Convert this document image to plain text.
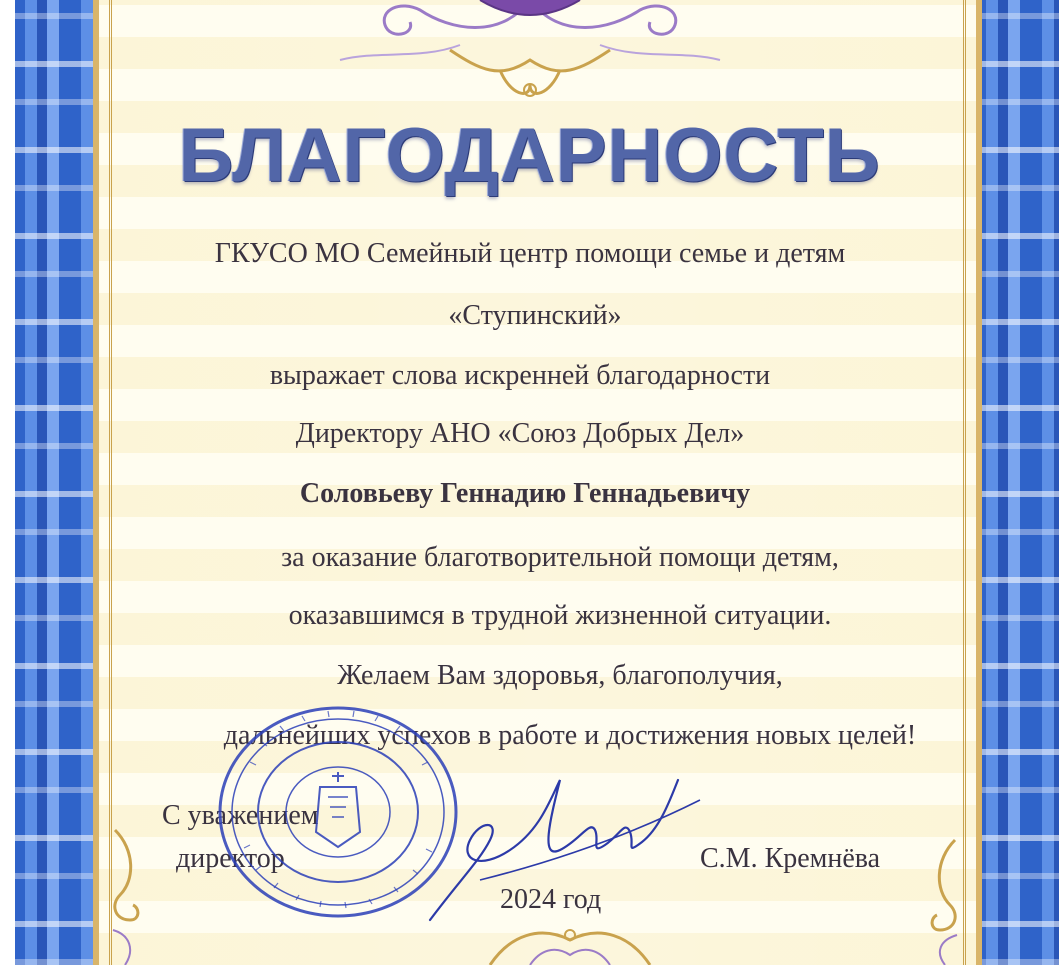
БЛАГОДАРНОСТЬ
ГКУСО МО Семейный центр помощи семье и детям
«Ступинский»
выражает слова искренней благодарности
Директору АНО «Союз Добрых Дел»
Соловьеву Геннадию Геннадьевичу
за оказание благотворительной помощи детям,
оказавшимся в трудной жизненной ситуации.
Желаем Вам здоровья, благополучия,
дальнейших успехов в работе и достижения новых целей!
С уважением
директор	С.М. Кремнёва
2024 год
